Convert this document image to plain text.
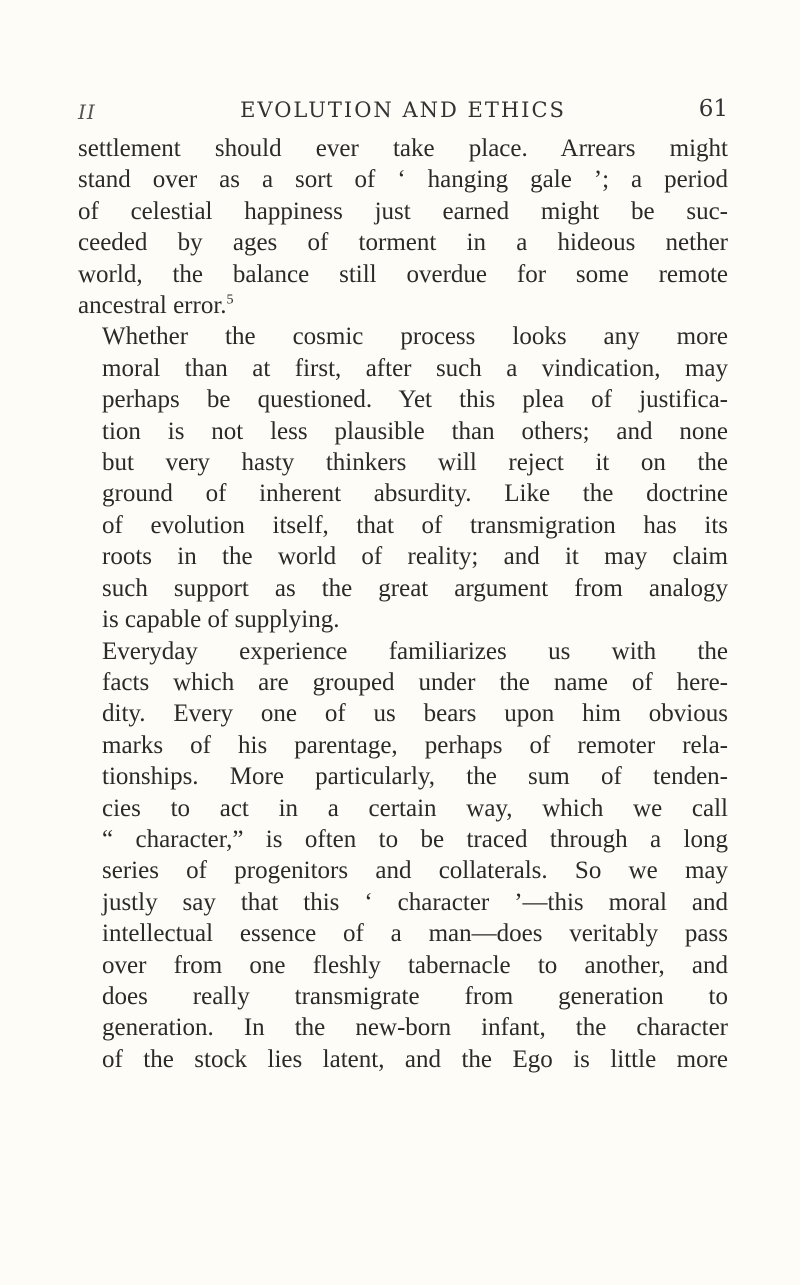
II	EVOLUTION AND ETHICS	61

settlement should ever take place. Arrears might
stand over as a sort of ‘ hanging gale ’; a period
of celestial happiness just earned might be suc-
ceeded by ages of torment in a hideous nether
world, the balance still overdue for some remote
ancestral error.$^5$

Whether the cosmic process looks any more
moral than at first, after such a vindication, may
perhaps be questioned. Yet this plea of justifica-
tion is not less plausible than others; and none
but very hasty thinkers will reject it on the
ground of inherent absurdity. Like the doctrine
of evolution itself, that of transmigration has its
roots in the world of reality; and it may claim
such support as the great argument from analogy
is capable of supplying.

Everyday experience familiarizes us with the
facts which are grouped under the name of here-
dity. Every one of us bears upon him obvious
marks of his parentage, perhaps of remoter rela-
tionships. More particularly, the sum of tenden-
cies to act in a certain way, which we call
“ character,” is often to be traced through a long
series of progenitors and collaterals. So we may
justly say that this ‘ character ’—this moral and
intellectual essence of a man—does veritably pass
over from one fleshly tabernacle to another, and
does really transmigrate from generation to
generation. In the new-born infant, the character
of the stock lies latent, and the Ego is little more
